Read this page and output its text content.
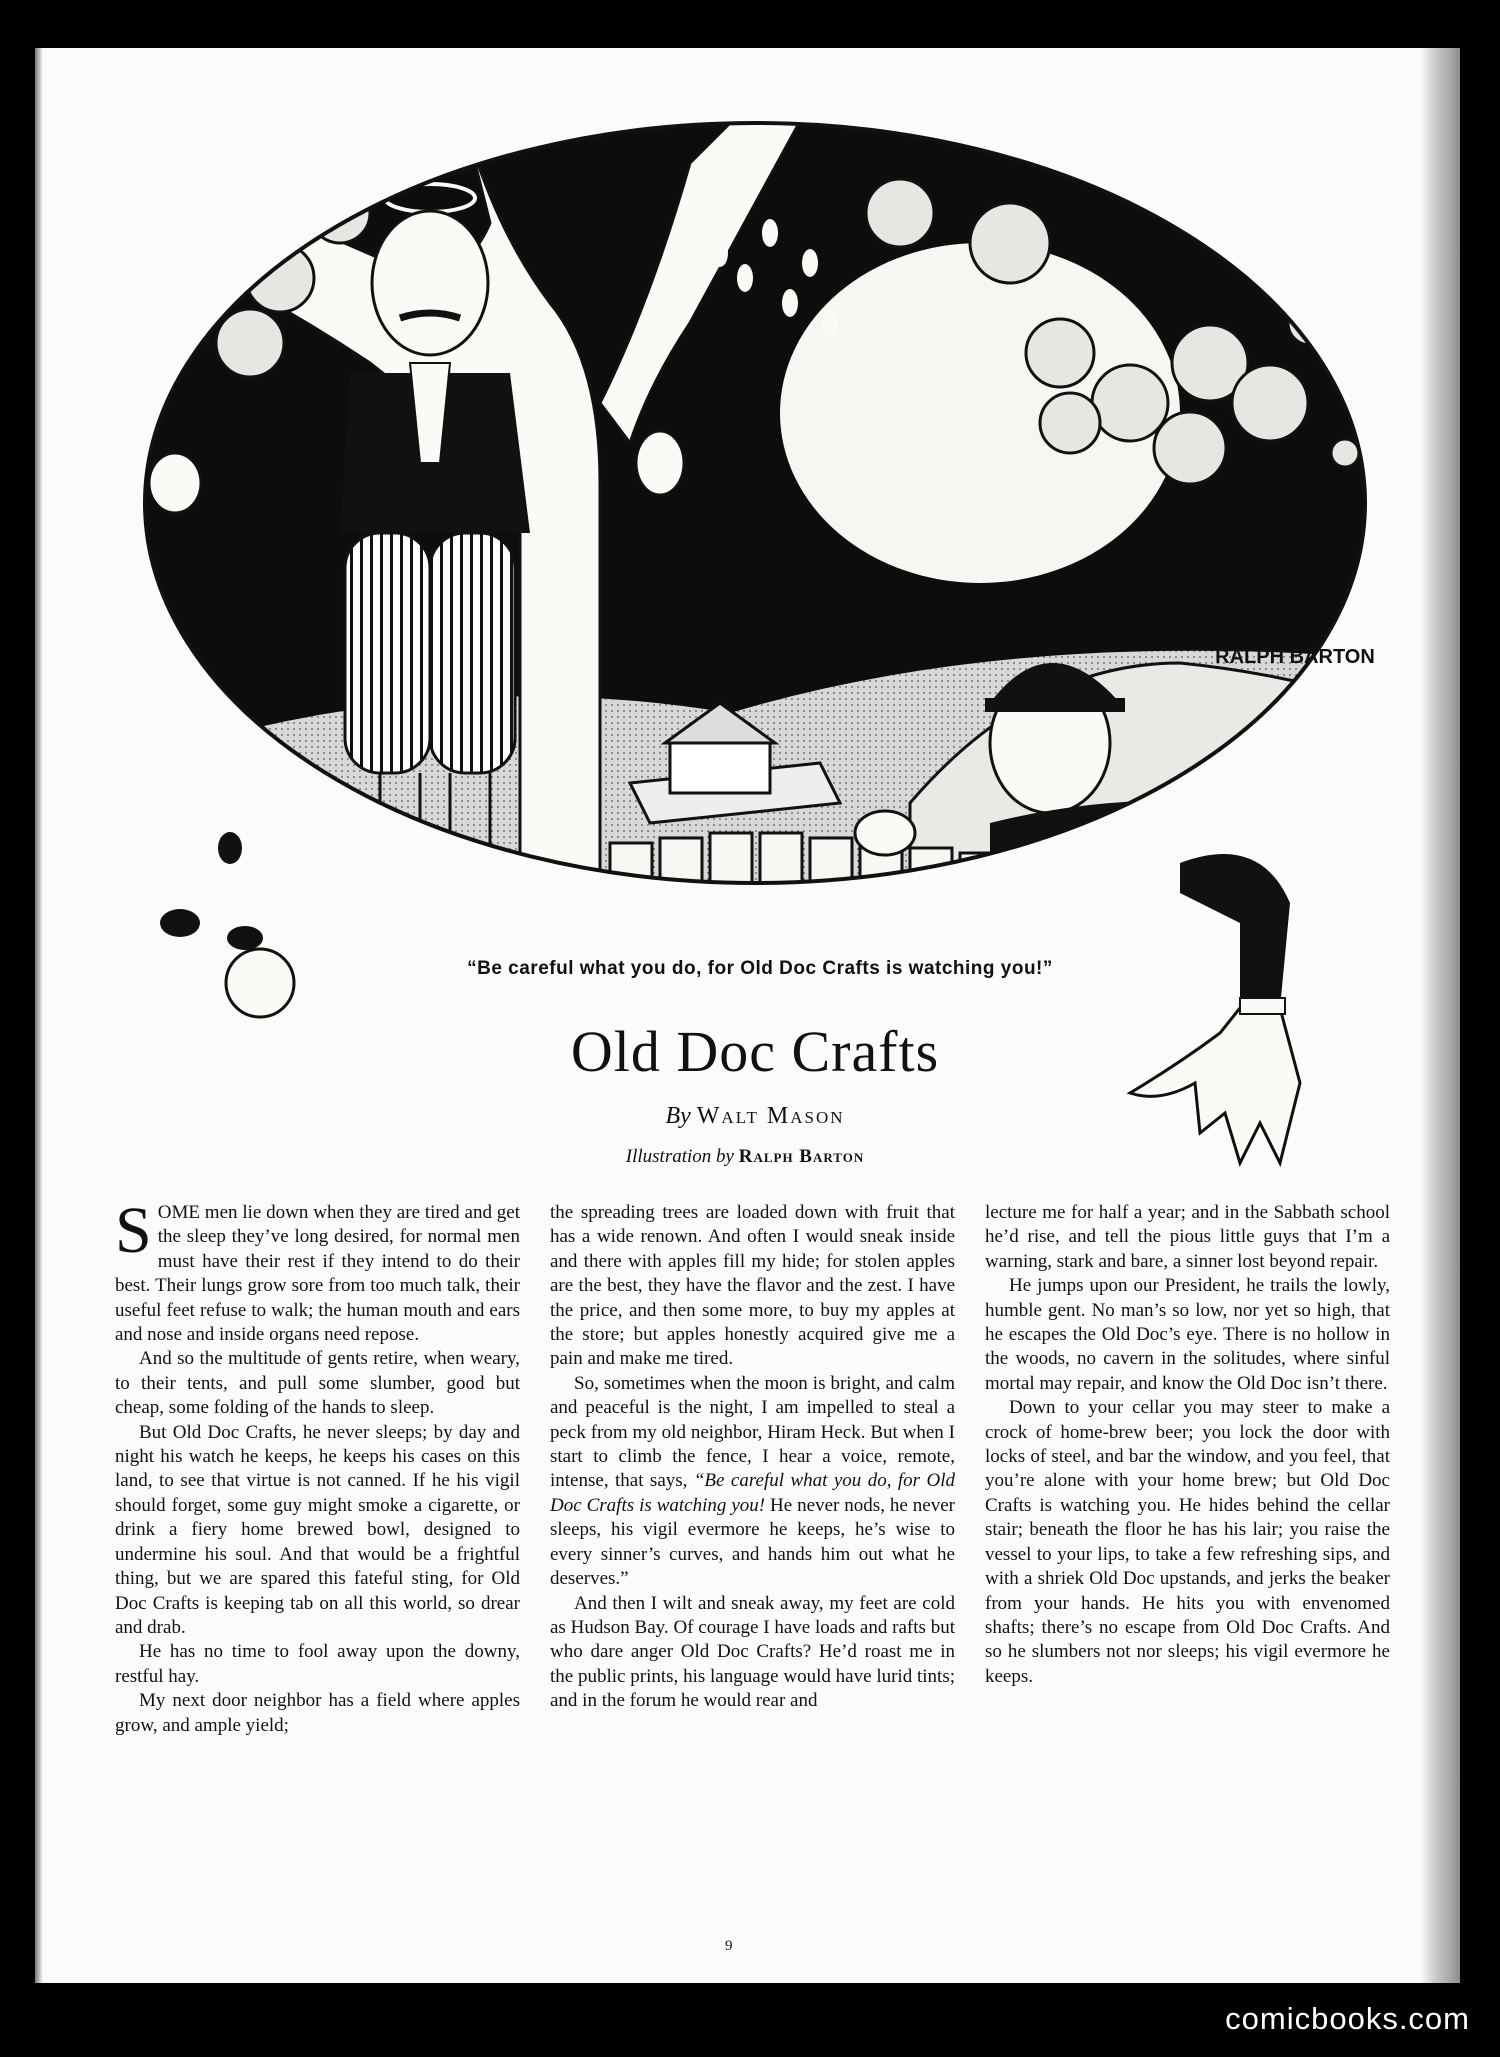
RALPH BARTON
“Be careful what you do, for Old Doc Crafts is watching you!”
Old Doc Crafts
By Walt Mason
Illustration by Ralph Barton

SOME men lie down when they are tired and get the sleep they’ve long desired, for normal men must have their rest if they intend to do their best. Their lungs grow sore from too much talk, their useful feet refuse to walk; the human mouth and ears and nose and inside organs need repose.

And so the multitude of gents retire, when weary, to their tents, and pull some slumber, good but cheap, some folding of the hands to sleep.

But Old Doc Crafts, he never sleeps; by day and night his watch he keeps, he keeps his cases on this land, to see that virtue is not canned. If he his vigil should forget, some guy might smoke a cigarette, or drink a fiery home brewed bowl, designed to undermine his soul. And that would be a frightful thing, but we are spared this fateful sting, for Old Doc Crafts is keeping tab on all this world, so drear and drab.

He has no time to fool away upon the downy, restful hay.

My next door neighbor has a field where apples grow, and ample yield;

the spreading trees are loaded down with fruit that has a wide renown. And often I would sneak inside and there with apples fill my hide; for stolen apples are the best, they have the flavor and the zest. I have the price, and then some more, to buy my apples at the store; but apples honestly acquired give me a pain and make me tired.

So, sometimes when the moon is bright, and calm and peaceful is the night, I am impelled to steal a peck from my old neighbor, Hiram Heck. But when I start to climb the fence, I hear a voice, remote, intense, that says, “Be careful what you do, for Old Doc Crafts is watching you! He never nods, he never sleeps, his vigil evermore he keeps, he’s wise to every sinner’s curves, and hands him out what he deserves.”

And then I wilt and sneak away, my feet are cold as Hudson Bay. Of courage I have loads and rafts but who dare anger Old Doc Crafts? He’d roast me in the public prints, his language would have lurid tints; and in the forum he would rear and

lecture me for half a year; and in the Sabbath school he’d rise, and tell the pious little guys that I’m a warning, stark and bare, a sinner lost beyond repair.

He jumps upon our President, he trails the lowly, humble gent. No man’s so low, nor yet so high, that he escapes the Old Doc’s eye. There is no hollow in the woods, no cavern in the solitudes, where sinful mortal may repair, and know the Old Doc isn’t there.

Down to your cellar you may steer to make a crock of home-brew beer; you lock the door with locks of steel, and bar the window, and you feel, that you’re alone with your home brew; but Old Doc Crafts is watching you. He hides behind the cellar stair; beneath the floor he has his lair; you raise the vessel to your lips, to take a few refreshing sips, and with a shriek Old Doc upstands, and jerks the beaker from your hands. He hits you with envenomed shafts; there’s no escape from Old Doc Crafts. And so he slumbers not nor sleeps; his vigil evermore he keeps.

9
comicbooks.com
